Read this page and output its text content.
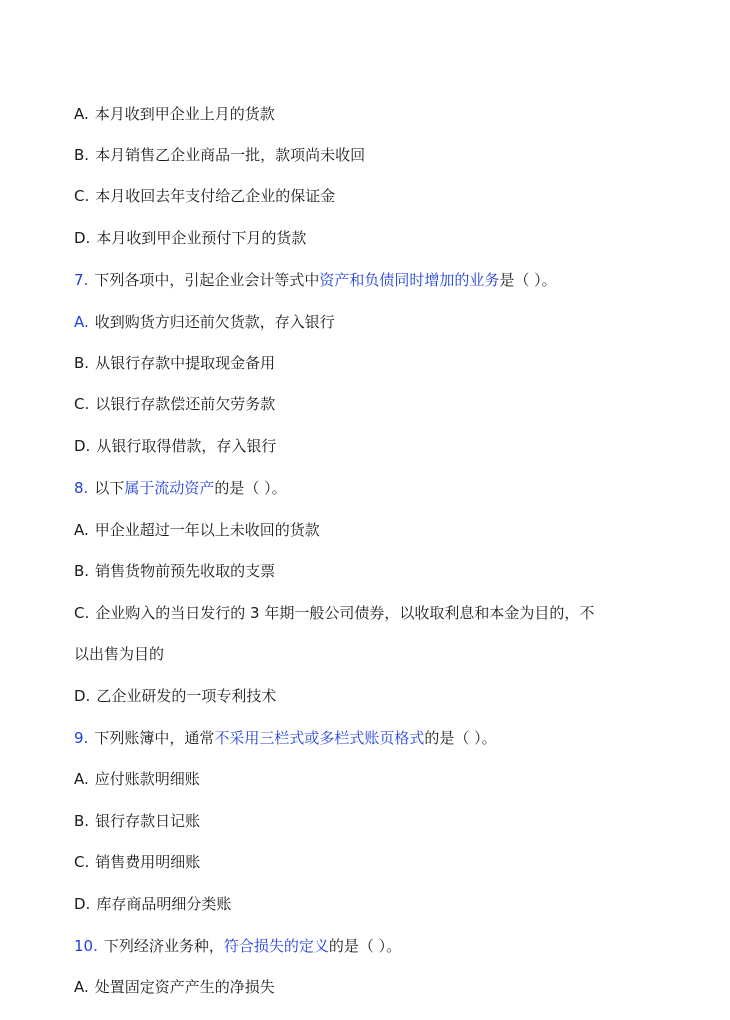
A. 本月收到甲企业上月的货款
B. 本月销售乙企业商品一批，款项尚未收回
C. 本月收回去年支付给乙企业的保证金
D. 本月收到甲企业预付下月的货款
7. 下列各项中，引起企业会计等式中资产和负债同时增加的业务是（ ）。
A. 收到购货方归还前欠货款，存入银行
B. 从银行存款中提取现金备用
C. 以银行存款偿还前欠劳务款
D. 从银行取得借款，存入银行
8. 以下属于流动资产的是（ ）。
A. 甲企业超过一年以上未收回的货款
B. 销售货物前预先收取的支票
C. 企业购入的当日发行的 3 年期一般公司债券，以收取利息和本金为目的，不
以出售为目的
D. 乙企业研发的一项专利技术
9. 下列账簿中，通常不采用三栏式或多栏式账页格式的是（ ）。
A. 应付账款明细账
B. 银行存款日记账
C. 销售费用明细账
D. 库存商品明细分类账
10. 下列经济业务种，符合损失的定义的是（ ）。
A. 处置固定资产产生的净损失
